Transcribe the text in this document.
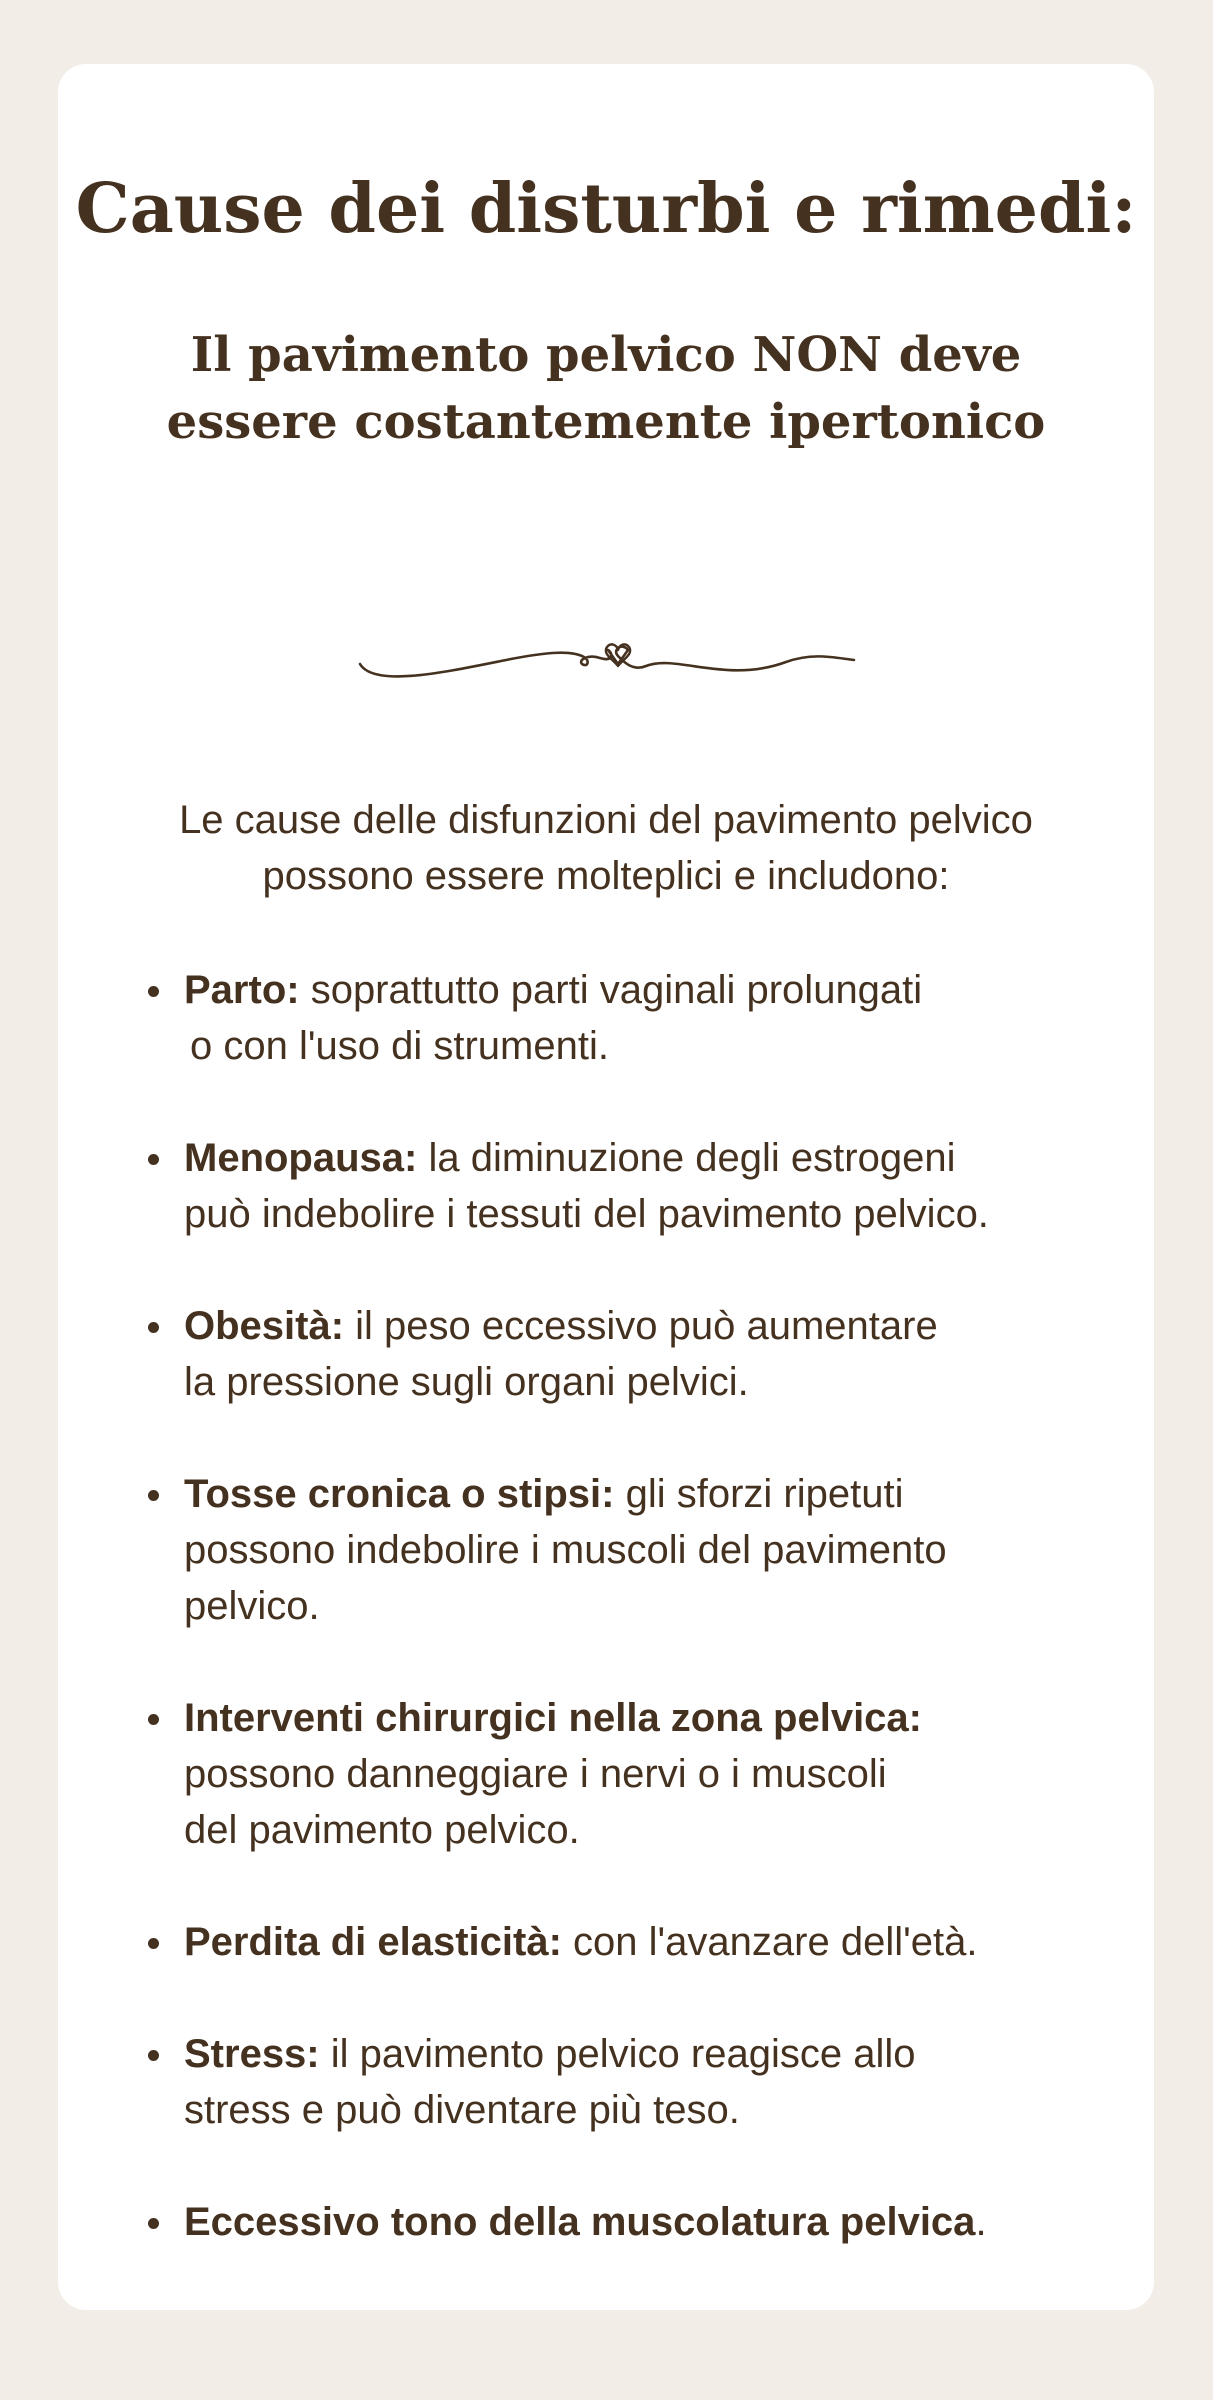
Cause dei disturbi e rimedi:
Il pavimento pelvico NON deve
essere costantemente ipertonico

Le cause delle disfunzioni del pavimento pelvico
possono essere molteplici e includono:

Parto: soprattutto parti vaginali prolungati
o con l'uso di strumenti.
Menopausa: la diminuzione degli estrogeni
può indebolire i tessuti del pavimento pelvico.
Obesità: il peso eccessivo può aumentare
la pressione sugli organi pelvici.
Tosse cronica o stipsi: gli sforzi ripetuti
possono indebolire i muscoli del pavimento
pelvico.
Interventi chirurgici nella zona pelvica:
possono danneggiare i nervi o i muscoli
del pavimento pelvico.
Perdita di elasticità: con l'avanzare dell'età.
Stress: il pavimento pelvico reagisce allo
stress e può diventare più teso.
Eccessivo tono della muscolatura pelvica.
